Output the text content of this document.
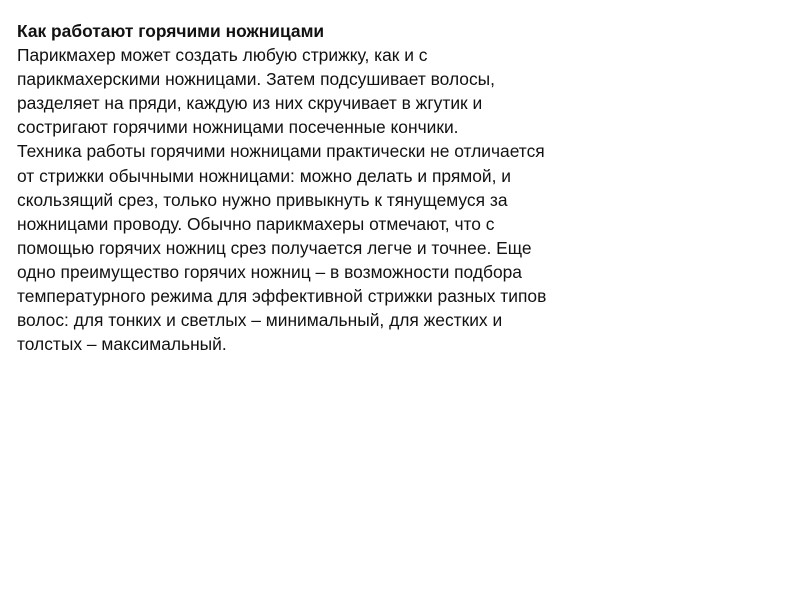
Как работают горячими ножницами
Парикмахер может создать любую стрижку, как и с
парикмахерскими ножницами. Затем подсушивает волосы,
разделяет на пряди, каждую из них скручивает в жгутик и
состригают горячими ножницами посеченные кончики.
Техника работы горячими ножницами практически не отличается
от стрижки обычными ножницами: можно делать и прямой, и
скользящий срез, только нужно привыкнуть к тянущемуся за
ножницами проводу. Обычно парикмахеры отмечают, что с
помощью горячих ножниц срез получается легче и точнее. Еще
одно преимущество горячих ножниц – в возможности подбора
температурного режима для эффективной стрижки разных типов
волос: для тонких и светлых – минимальный, для жестких и
толстых – максимальный.
